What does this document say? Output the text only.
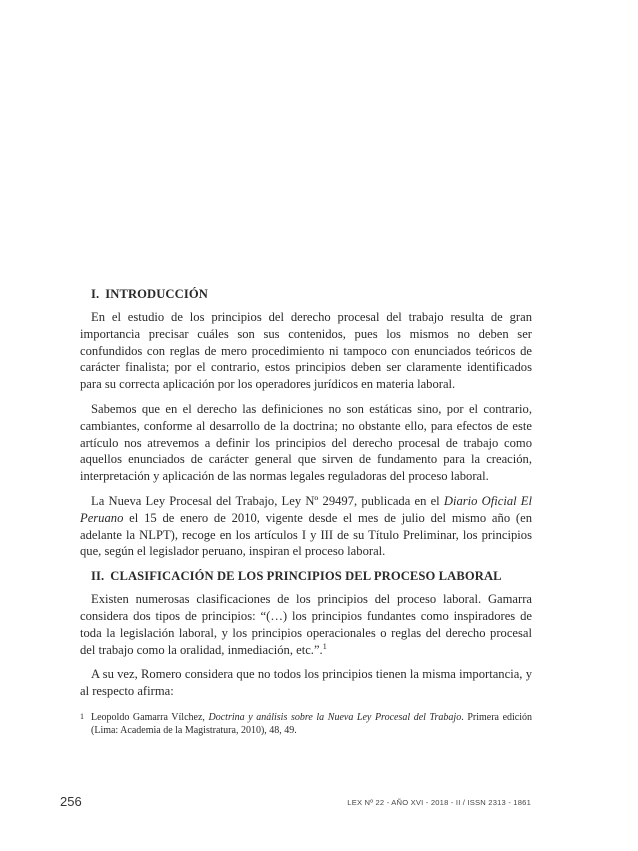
I. INTRODUCCIÓN

En el estudio de los principios del derecho procesal del trabajo resulta de gran importancia precisar cuáles son sus contenidos, pues los mismos no deben ser confundidos con reglas de mero procedimiento ni tampoco con enunciados teóricos de carácter finalista; por el contrario, estos principios deben ser claramente identificados para su correcta aplicación por los operadores jurídicos en materia laboral.

Sabemos que en el derecho las definiciones no son estáticas sino, por el contrario, cambiantes, conforme al desarrollo de la doctrina; no obstante ello, para efectos de este artículo nos atrevemos a definir los principios del derecho procesal de trabajo como aquellos enunciados de carácter general que sirven de fundamento para la creación, interpretación y aplicación de las normas legales reguladoras del proceso laboral.

La Nueva Ley Procesal del Trabajo, Ley Nº 29497, publicada en el Diario Oficial El Peruano el 15 de enero de 2010, vigente desde el mes de julio del mismo año (en adelante la NLPT), recoge en los artículos I y III de su Título Preliminar, los principios que, según el legislador peruano, inspiran el proceso laboral.

II. CLASIFICACIÓN DE LOS PRINCIPIOS DEL PROCESO LABORAL

Existen numerosas clasificaciones de los principios del proceso laboral. Gamarra considera dos tipos de principios: “(…) los principios fundantes como inspiradores de toda la legislación laboral, y los principios operacionales o reglas del derecho procesal del trabajo como la oralidad, inmediación, etc.”.$^1$

A su vez, Romero considera que no todos los principios tienen la misma importancia, y al respecto afirma:

1 Leopoldo Gamarra Vílchez, Doctrina y análisis sobre la Nueva Ley Procesal del Trabajo. Primera edición (Lima: Academia de la Magistratura, 2010), 48, 49.
256	LEX Nº 22 - AÑO XVI - 2018 - II / ISSN 2313 - 1861
